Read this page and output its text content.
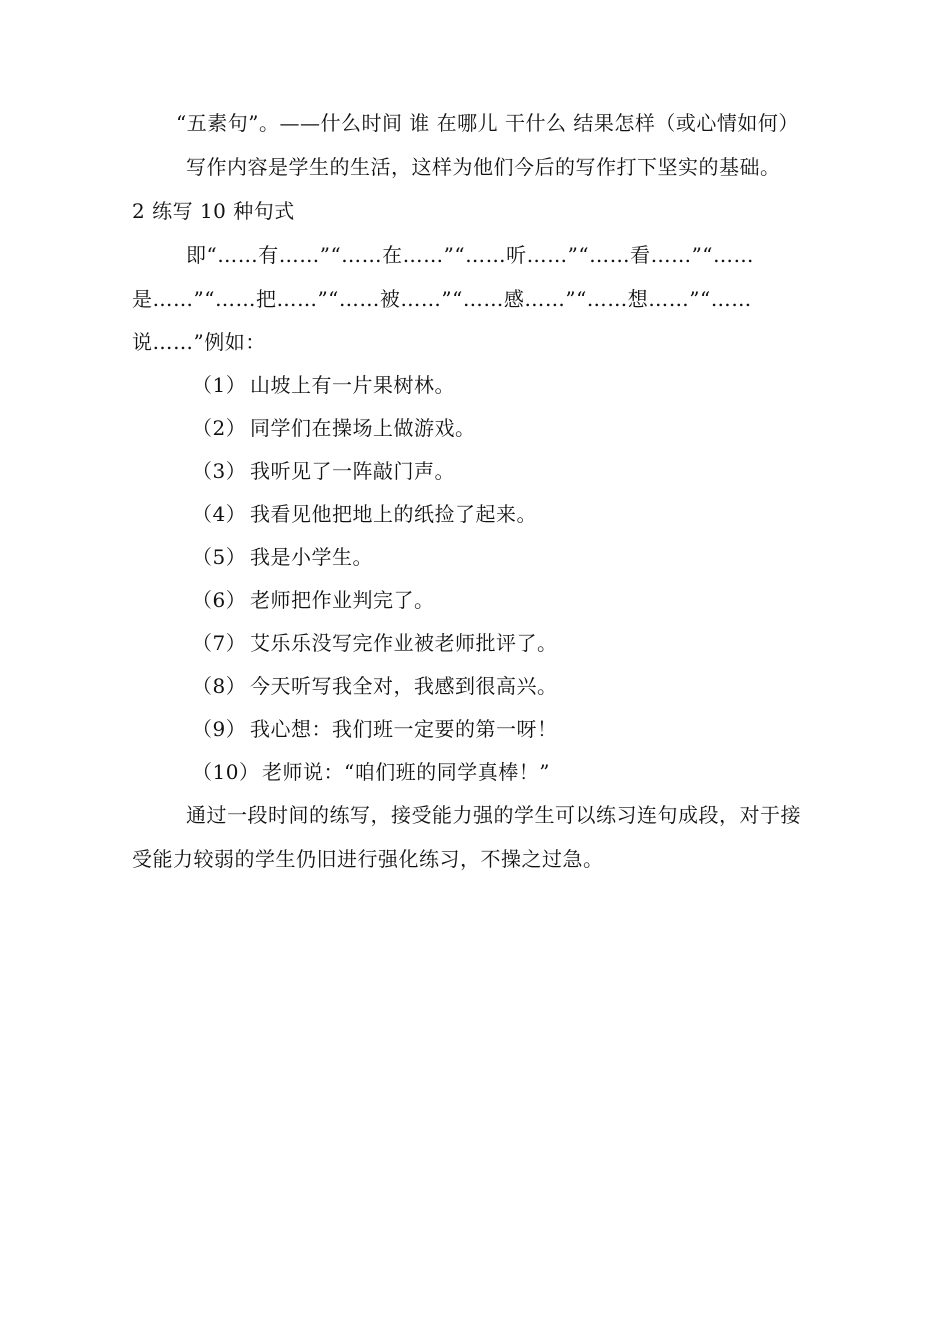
“五素句”。——什么时间 谁 在哪儿 干什么 结果怎样（或心情如何）
写作内容是学生的生活，这样为他们今后的写作打下坚实的基础。
2 练写 10 种句式
即“……有……”“……在……”“……听……”“……看……”“……
是……”“……把……”“……被……”“……感……”“……想……”“……
说……”例如：
（1） 山坡上有一片果树林。
（2） 同学们在操场上做游戏。
（3） 我听见了一阵敲门声。
（4） 我看见他把地上的纸捡了起来。
（5） 我是小学生。
（6） 老师把作业判完了。
（7） 艾乐乐没写完作业被老师批评了。
（8） 今天听写我全对，我感到很高兴。
（9） 我心想：我们班一定要的第一呀！
（10） 老师说：“咱们班的同学真棒！”
通过一段时间的练写，接受能力强的学生可以练习连句成段，对于接
受能力较弱的学生仍旧进行强化练习，不操之过急。
